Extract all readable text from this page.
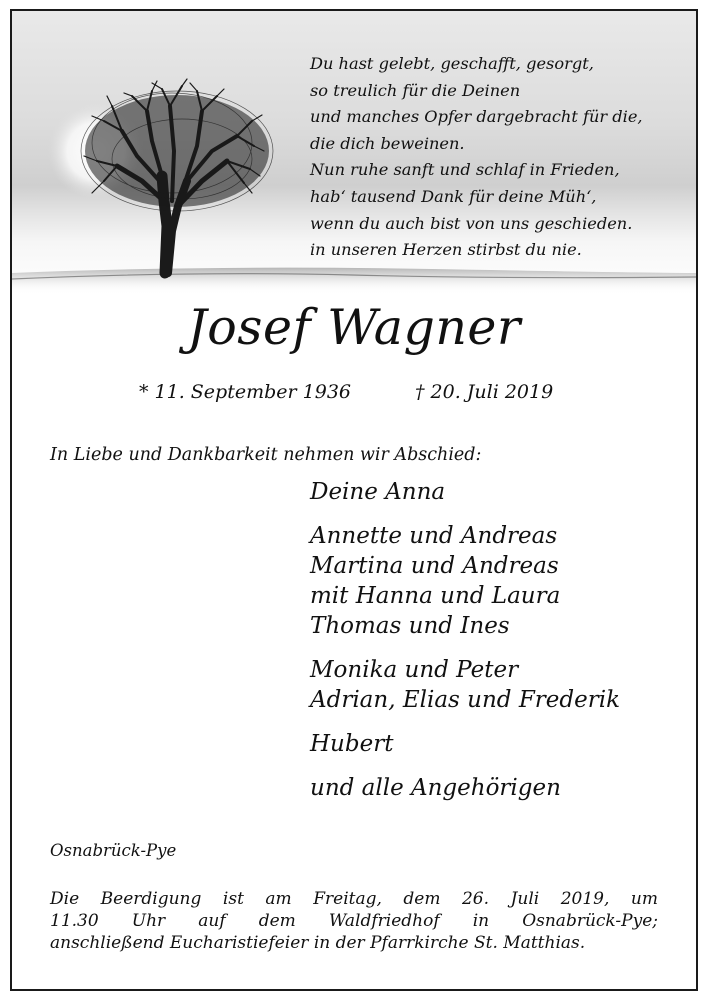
Du hast gelebt, geschafft, gesorgt,
so treulich für die Deinen
und manches Opfer dargebracht für die,
die dich beweinen.
Nun ruhe sanft und schlaf in Frieden,
hab‘ tausend Dank für deine Müh‘,
wenn du auch bist von uns geschieden.
in unseren Herzen stirbst du nie.
Josef Wagner
* 11. September 1936	† 20. Juli 2019
In Liebe und Dankbarkeit nehmen wir Abschied:
Deine Anna
Annette und Andreas
Martina und Andreas
mit Hanna und Laura
Thomas und Ines
Monika und Peter
Adrian, Elias und Frederik
Hubert
und alle Angehörigen
Osnabrück-Pye
Die Beerdigung ist am Freitag, dem 26. Juli 2019, um
11.30 Uhr auf dem Waldfriedhof in Osnabrück-Pye;
anschließend Eucharistiefeier in der Pfarrkirche St. Matthias.
